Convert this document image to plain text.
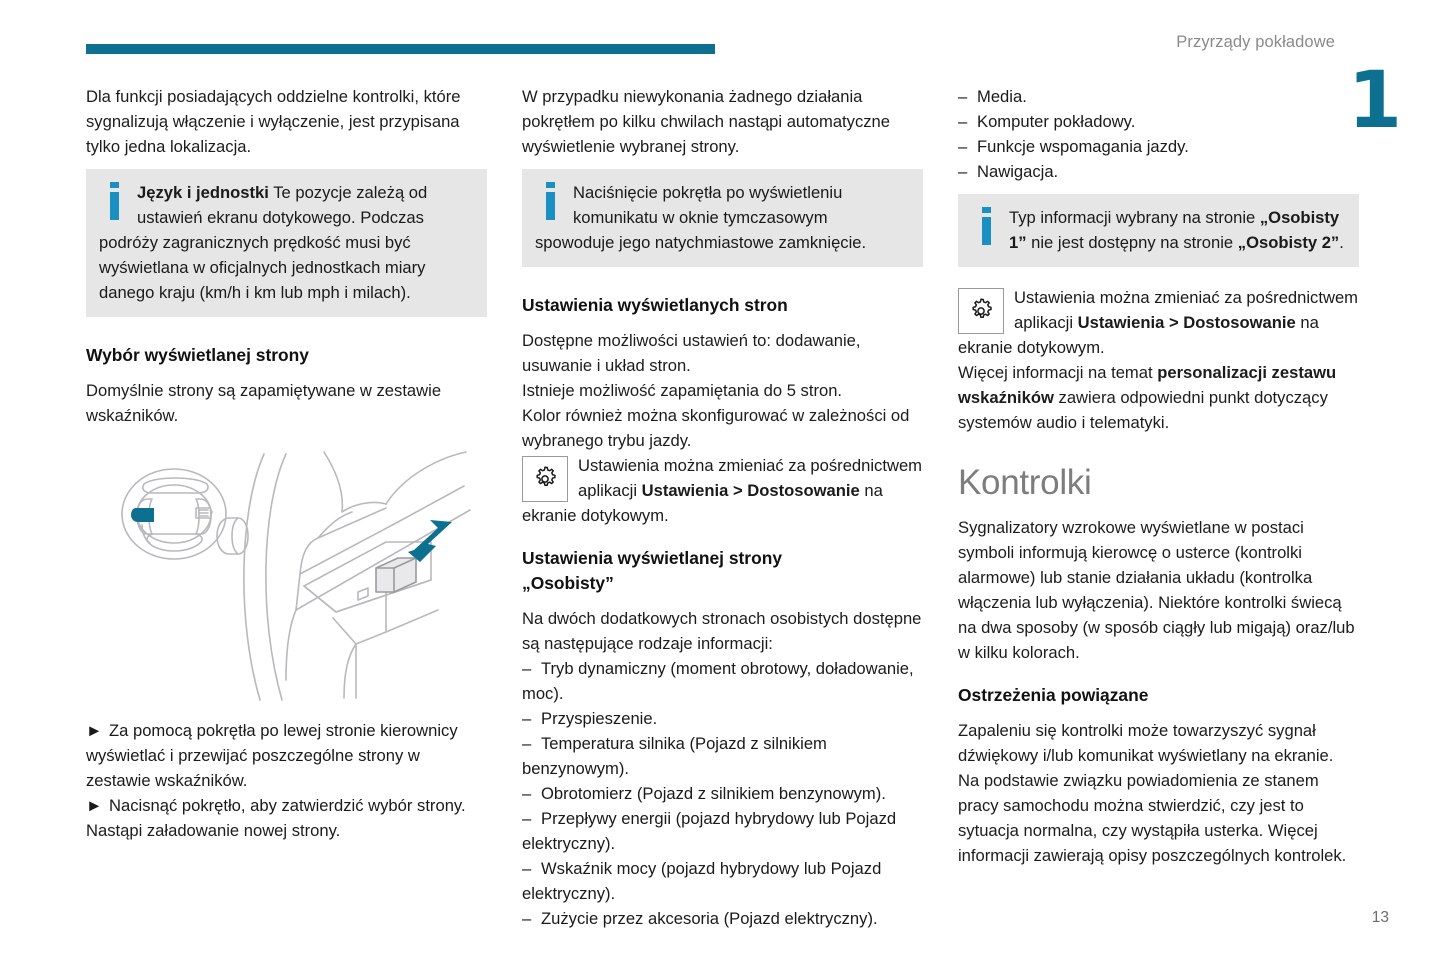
Przyrządy pokładowe
1

Dla funkcji posiadających oddzielne kontrolki, które sygnalizują włączenie i wyłączenie, jest przypisana tylko jedna lokalizacja.

Język i jednostki Te pozycje zależą od ustawień ekranu dotykowego. Podczas podróży zagranicznych prędkość musi być wyświetlana w oficjalnych jednostkach miary danego kraju (km/h i km lub mph i milach).
Wybór wyświetlanej strony

Domyślnie strony są zapamiętywane w zestawie wskaźników.

► Za pomocą pokrętła po lewej stronie kierownicy wyświetlać i przewijać poszczególne strony w zestawie wskaźników.
► Nacisnąć pokrętło, aby zatwierdzić wybór strony.

Nastąpi załadowanie nowej strony.

W przypadku niewykonania żadnego działania pokrętłem po kilku chwilach nastąpi automatyczne wyświetlenie wybranej strony.

Naciśnięcie pokrętła po wyświetleniu komunikatu w oknie tymczasowym spowoduje jego natychmiastowe zamknięcie.
Ustawienia wyświetlanych stron

Dostępne możliwości ustawień to: dodawanie, usuwanie i układ stron.

Istnieje możliwość zapamiętania do 5 stron.

Kolor również można skonfigurować w zależności od wybranego trybu jazdy.

Ustawienia można zmieniać za pośrednictwem aplikacji Ustawienia > Dostosowanie na ekranie dotykowym.
Ustawienia wyświetlanej strony
„Osobisty”

Na dwóch dodatkowych stronach osobistych dostępne są następujące rodzaje informacji:

– Tryb dynamiczny (moment obrotowy, doładowanie, moc).
– Przyspieszenie.
– Temperatura silnika (Pojazd z silnikiem benzynowym).
– Obrotomierz (Pojazd z silnikiem benzynowym).
– Przepływy energii (pojazd hybrydowy lub Pojazd elektryczny).
– Wskaźnik mocy (pojazd hybrydowy lub Pojazd elektryczny).
– Zużycie przez akcesoria (Pojazd elektryczny).
– Media.
– Komputer pokładowy.
– Funkcje wspomagania jazdy.
– Nawigacja.
Typ informacji wybrany na stronie „Osobisty 1” nie jest dostępny na stronie „Osobisty 2”.
Ustawienia można zmieniać za pośrednictwem aplikacji Ustawienia > Dostosowanie na ekranie dotykowym.
Więcej informacji na temat personalizacji zestawu wskaźników zawiera odpowiedni punkt dotyczący systemów audio i telematyki.
Kontrolki

Sygnalizatory wzrokowe wyświetlane w postaci symboli informują kierowcę o usterce (kontrolki alarmowe) lub stanie działania układu (kontrolka włączenia lub wyłączenia). Niektóre kontrolki świecą na dwa sposoby (w sposób ciągły lub migają) oraz/lub w kilku kolorach.

Ostrzeżenia powiązane

Zapaleniu się kontrolki może towarzyszyć sygnał dźwiękowy i/lub komunikat wyświetlany na ekranie.

Na podstawie związku powiadomienia ze stanem pracy samochodu można stwierdzić, czy jest to sytuacja normalna, czy wystąpiła usterka. Więcej informacji zawierają opisy poszczególnych kontrolek.

13
